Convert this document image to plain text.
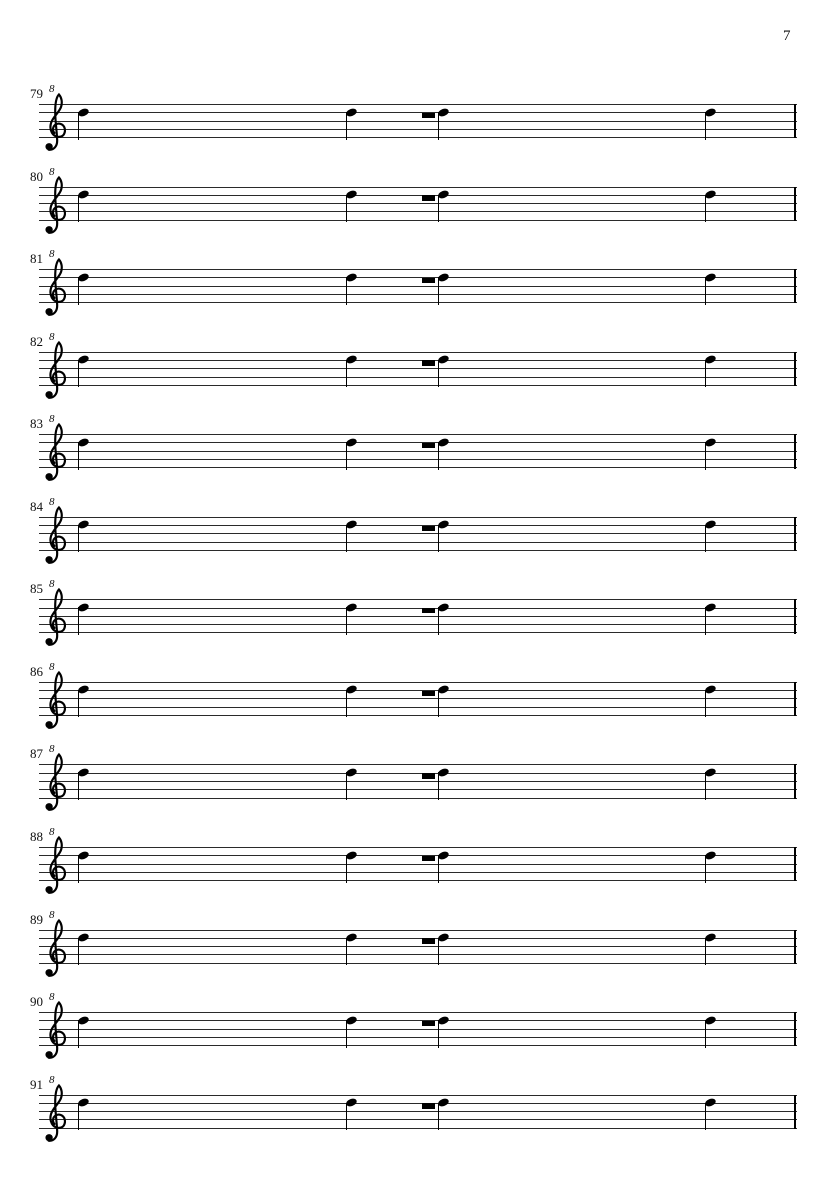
7
79 8
80 8
81 8
82 8
83 8
84 8
85 8
86 8
87 8
88 8
89 8
90 8
91 8
